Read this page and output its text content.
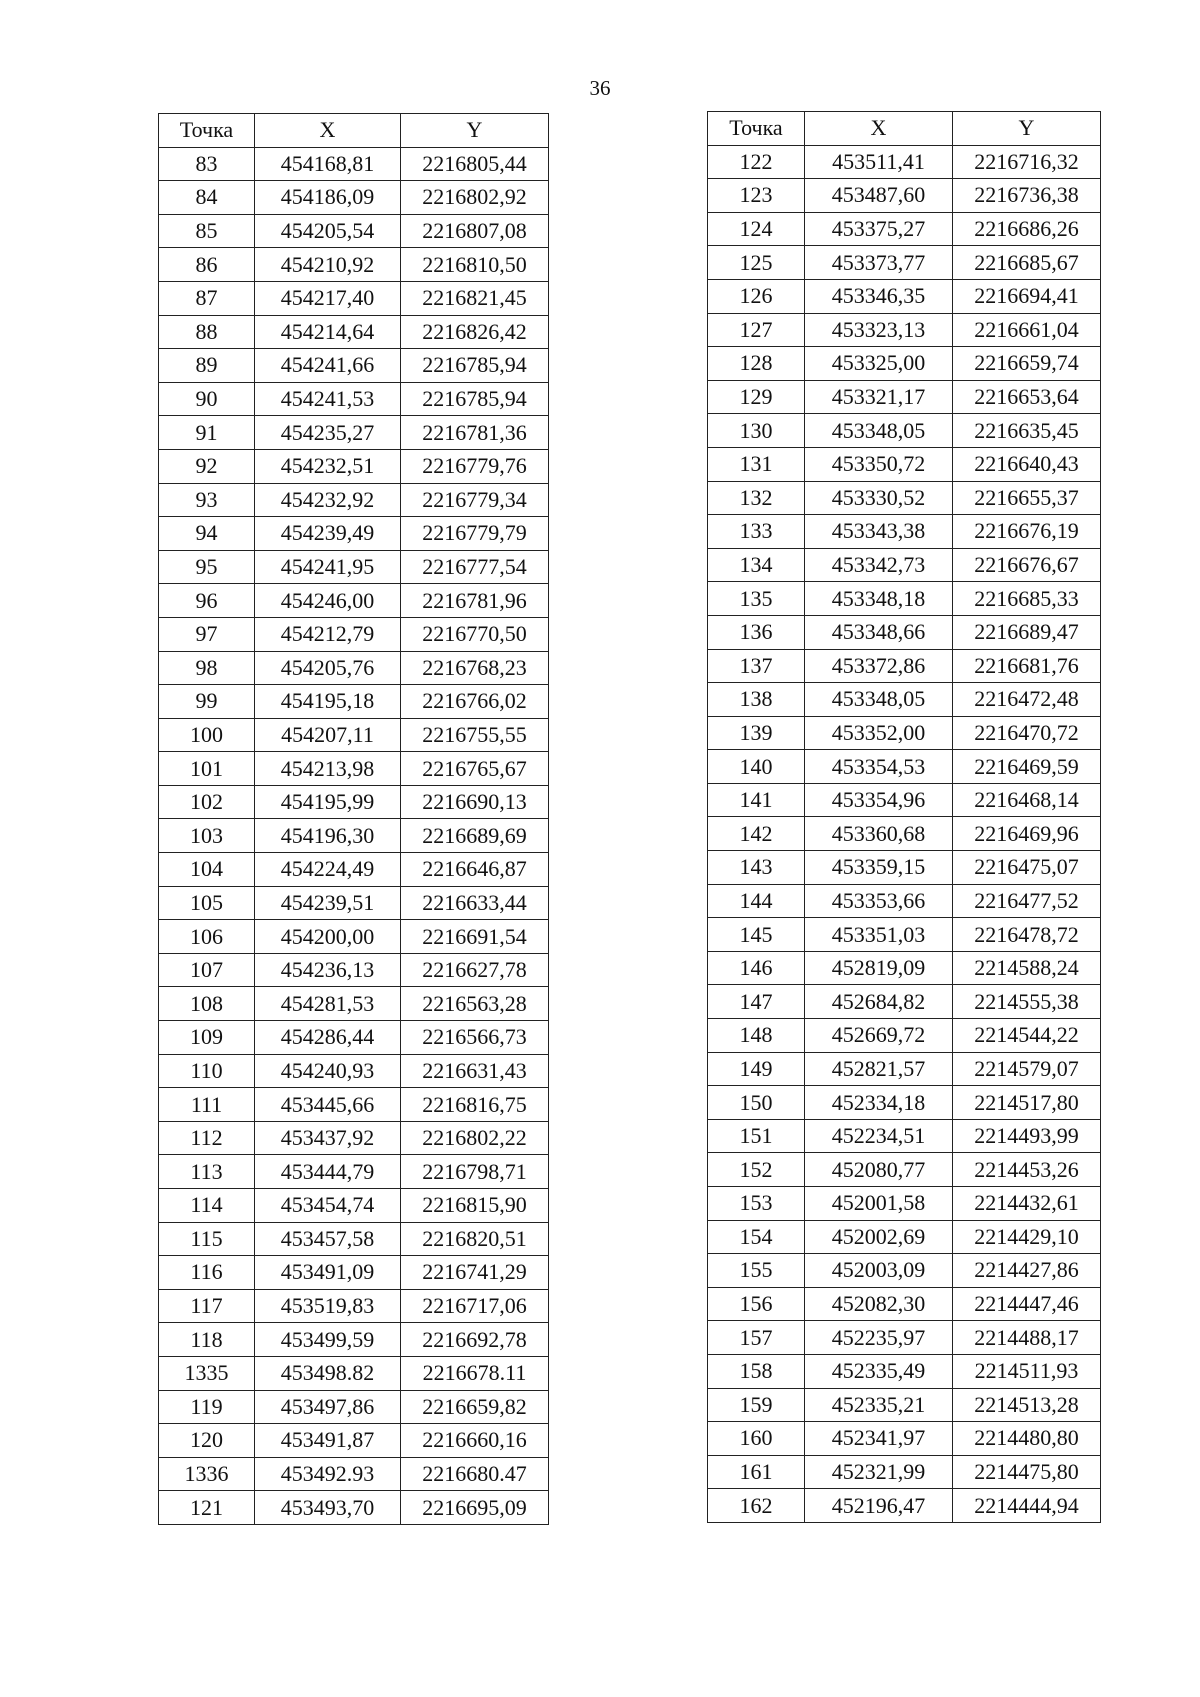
36
Точка	X	Y
83	454168,81	2216805,44
84	454186,09	2216802,92
85	454205,54	2216807,08
86	454210,92	2216810,50
87	454217,40	2216821,45
88	454214,64	2216826,42
89	454241,66	2216785,94
90	454241,53	2216785,94
91	454235,27	2216781,36
92	454232,51	2216779,76
93	454232,92	2216779,34
94	454239,49	2216779,79
95	454241,95	2216777,54
96	454246,00	2216781,96
97	454212,79	2216770,50
98	454205,76	2216768,23
99	454195,18	2216766,02
100	454207,11	2216755,55
101	454213,98	2216765,67
102	454195,99	2216690,13
103	454196,30	2216689,69
104	454224,49	2216646,87
105	454239,51	2216633,44
106	454200,00	2216691,54
107	454236,13	2216627,78
108	454281,53	2216563,28
109	454286,44	2216566,73
110	454240,93	2216631,43
111	453445,66	2216816,75
112	453437,92	2216802,22
113	453444,79	2216798,71
114	453454,74	2216815,90
115	453457,58	2216820,51
116	453491,09	2216741,29
117	453519,83	2216717,06
118	453499,59	2216692,78
1335	453498.82	2216678.11
119	453497,86	2216659,82
120	453491,87	2216660,16
1336	453492.93	2216680.47
121	453493,70	2216695,09
Точка	X	Y
122	453511,41	2216716,32
123	453487,60	2216736,38
124	453375,27	2216686,26
125	453373,77	2216685,67
126	453346,35	2216694,41
127	453323,13	2216661,04
128	453325,00	2216659,74
129	453321,17	2216653,64
130	453348,05	2216635,45
131	453350,72	2216640,43
132	453330,52	2216655,37
133	453343,38	2216676,19
134	453342,73	2216676,67
135	453348,18	2216685,33
136	453348,66	2216689,47
137	453372,86	2216681,76
138	453348,05	2216472,48
139	453352,00	2216470,72
140	453354,53	2216469,59
141	453354,96	2216468,14
142	453360,68	2216469,96
143	453359,15	2216475,07
144	453353,66	2216477,52
145	453351,03	2216478,72
146	452819,09	2214588,24
147	452684,82	2214555,38
148	452669,72	2214544,22
149	452821,57	2214579,07
150	452334,18	2214517,80
151	452234,51	2214493,99
152	452080,77	2214453,26
153	452001,58	2214432,61
154	452002,69	2214429,10
155	452003,09	2214427,86
156	452082,30	2214447,46
157	452235,97	2214488,17
158	452335,49	2214511,93
159	452335,21	2214513,28
160	452341,97	2214480,80
161	452321,99	2214475,80
162	452196,47	2214444,94
